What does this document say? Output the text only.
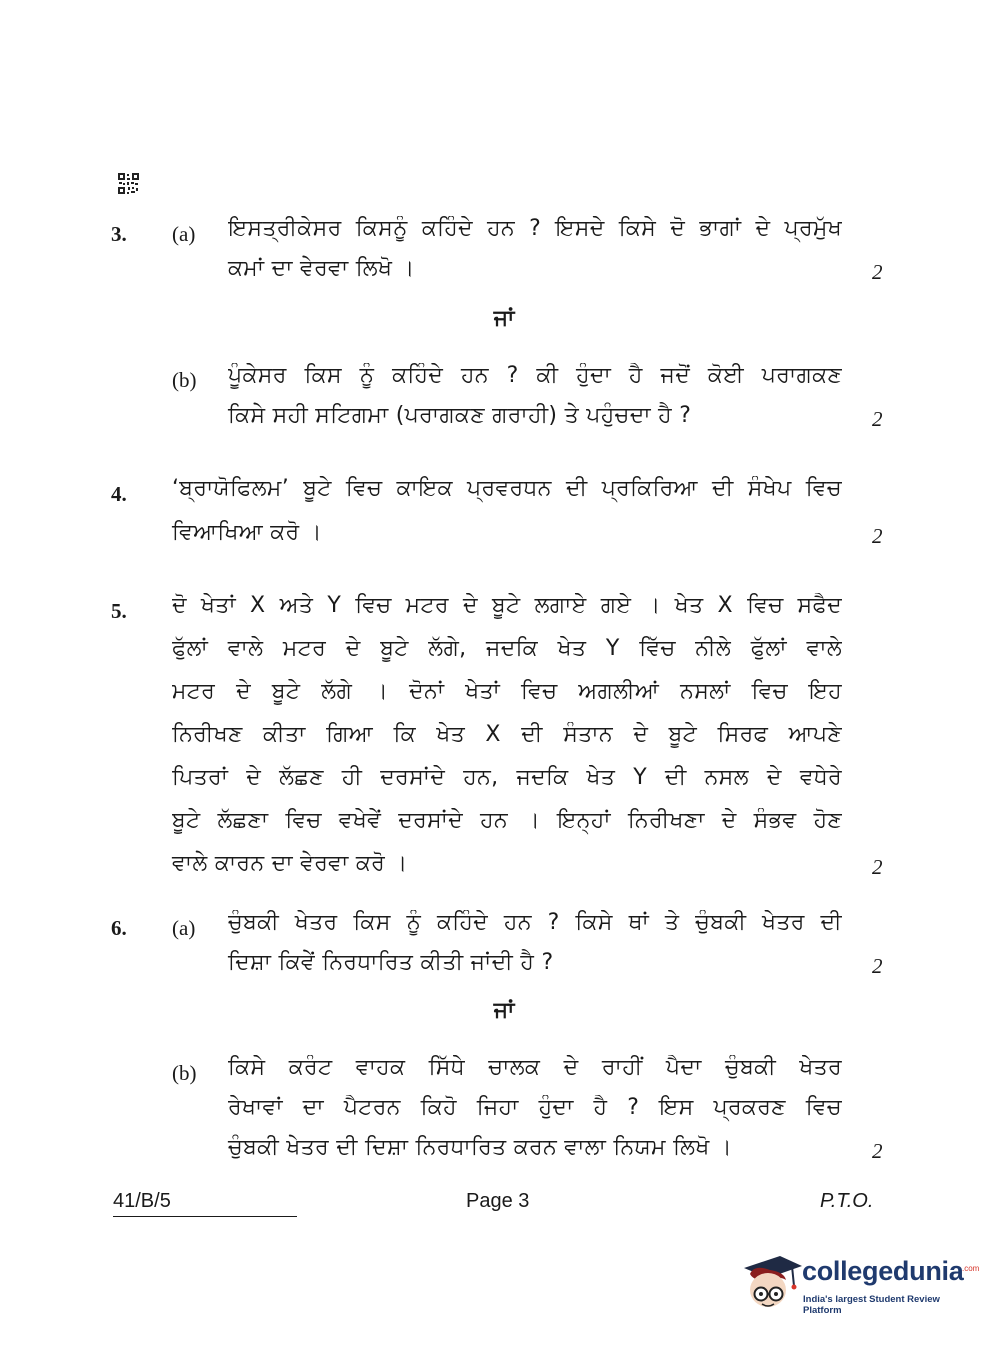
3. (a) ਇਸਤ੍ਰੀਕੇਸਰ ਕਿਸਨੂੰ ਕਹਿੰਦੇ ਹਨ ? ਇਸਦੇ ਕਿਸੇ ਦੋ ਭਾਗਾਂ ਦੇ ਪ੍ਰਮੁੱਖ
ਕਮਾਂ ਦਾ ਵੇਰਵਾ ਲਿਖੋ ।	2
ਜਾਂ
(b) ਪੂੰਕੇਸਰ ਕਿਸ ਨੂੰ ਕਹਿੰਦੇ ਹਨ ? ਕੀ ਹੁੰਦਾ ਹੈ ਜਦੋਂ ਕੋਈ ਪਰਾਗਕਣ
ਕਿਸੇ ਸਹੀ ਸਟਿਗਮਾ (ਪਰਾਗਕਣ ਗਰਾਹੀ) ਤੇ ਪਹੁੰਚਦਾ ਹੈ ?	2
4. ‘ਬ੍ਰਾਯੋਫਿਲਮ’ ਬੂਟੇ ਵਿਚ ਕਾਇਕ ਪ੍ਰਵਰਧਨ ਦੀ ਪ੍ਰਕਿਰਿਆ ਦੀ ਸੰਖੇਪ ਵਿਚ
ਵਿਆਖਿਆ ਕਰੋ ।	2
5. ਦੋ ਖੇਤਾਂ X ਅਤੇ Y ਵਿਚ ਮਟਰ ਦੇ ਬੂਟੇ ਲਗਾਏ ਗਏ । ਖੇਤ X ਵਿਚ ਸਫੈਦ
ਫੁੱਲਾਂ ਵਾਲੇ ਮਟਰ ਦੇ ਬੂਟੇ ਲੱਗੇ, ਜਦਕਿ ਖੇਤ Y ਵਿੱਚ ਨੀਲੇ ਫੁੱਲਾਂ ਵਾਲੇ
ਮਟਰ ਦੇ ਬੂਟੇ ਲੱਗੇ । ਦੋਨਾਂ ਖੇਤਾਂ ਵਿਚ ਅਗਲੀਆਂ ਨਸਲਾਂ ਵਿਚ ਇਹ
ਨਿਰੀਖਣ ਕੀਤਾ ਗਿਆ ਕਿ ਖੇਤ X ਦੀ ਸੰਤਾਨ ਦੇ ਬੂਟੇ ਸਿਰਫ ਆਪਣੇ
ਪਿਤਰਾਂ ਦੇ ਲੱਛਣ ਹੀ ਦਰਸਾਂਦੇ ਹਨ, ਜਦਕਿ ਖੇਤ Y ਦੀ ਨਸਲ ਦੇ ਵਧੇਰੇ
ਬੂਟੇ ਲੱਛਣਾ ਵਿਚ ਵਖੇਵੇਂ ਦਰਸਾਂਦੇ ਹਨ । ਇਨ੍ਹਾਂ ਨਿਰੀਖਣਾ ਦੇ ਸੰਭਵ ਹੋਣ
ਵਾਲੇ ਕਾਰਨ ਦਾ ਵੇਰਵਾ ਕਰੋ ।	2
6. (a) ਚੁੰਬਕੀ ਖੇਤਰ ਕਿਸ ਨੂੰ ਕਹਿੰਦੇ ਹਨ ? ਕਿਸੇ ਥਾਂ ਤੇ ਚੁੰਬਕੀ ਖੇਤਰ ਦੀ
ਦਿਸ਼ਾ ਕਿਵੇਂ ਨਿਰਧਾਰਿਤ ਕੀਤੀ ਜਾਂਦੀ ਹੈ ?	2
ਜਾਂ
(b) ਕਿਸੇ ਕਰੰਟ ਵਾਹਕ ਸਿੱਧੇ ਚਾਲਕ ਦੇ ਰਾਹੀਂ ਪੈਦਾ ਚੁੰਬਕੀ ਖੇਤਰ
ਰੇਖਾਵਾਂ ਦਾ ਪੈਟਰਨ ਕਿਹੋ ਜਿਹਾ ਹੁੰਦਾ ਹੈ ? ਇਸ ਪ੍ਰਕਰਣ ਵਿਚ
ਚੁੰਬਕੀ ਖੇਤਰ ਦੀ ਦਿਸ਼ਾ ਨਿਰਧਾਰਿਤ ਕਰਨ ਵਾਲਾ ਨਿਯਮ ਲਿਖੋ ।	2
41/B/5	Page 3	P.T.O.
collegedunia
.com
India's largest Student Review Platform
